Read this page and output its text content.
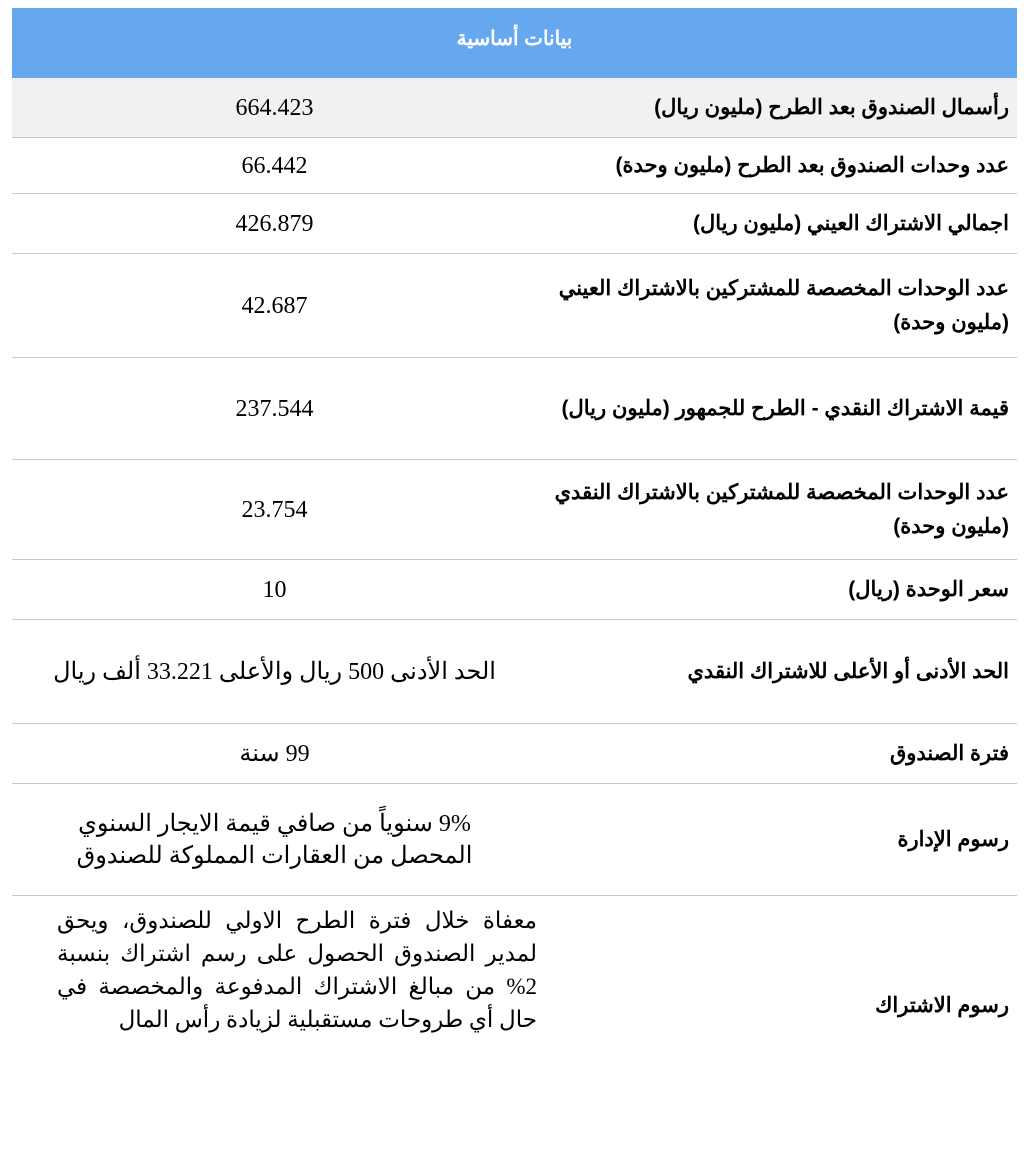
بيانات أساسية
رأسمال الصندوق بعد الطرح (مليون ريال)
664.423
عدد وحدات الصندوق بعد الطرح (مليون وحدة)
66.442
اجمالي الاشتراك العيني (مليون ريال)
426.879
عدد الوحدات المخصصة للمشتركين بالاشتراك العيني (مليون وحدة)
42.687
قيمة الاشتراك النقدي - الطرح للجمهور (مليون ريال)
237.544
عدد الوحدات المخصصة للمشتركين بالاشتراك النقدي (مليون وحدة)
23.754
سعر الوحدة (ريال)
10
الحد الأدنى أو الأعلى للاشتراك النقدي
الحد الأدنى 500 ريال والأعلى 33.221 ألف ريال
فترة الصندوق
99 سنة
رسوم الإدارة
9% سنوياً من صافي قيمة الايجار السنوي المحصل من العقارات المملوكة للصندوق
رسوم الاشتراك
معفاة خلال فترة الطرح الاولي للصندوق، ويحق لمدير الصندوق الحصول على رسم اشتراك بنسبة 2% من مبالغ الاشتراك المدفوعة والمخصصة في حال أي طروحات مستقبلية لزيادة رأس المال
